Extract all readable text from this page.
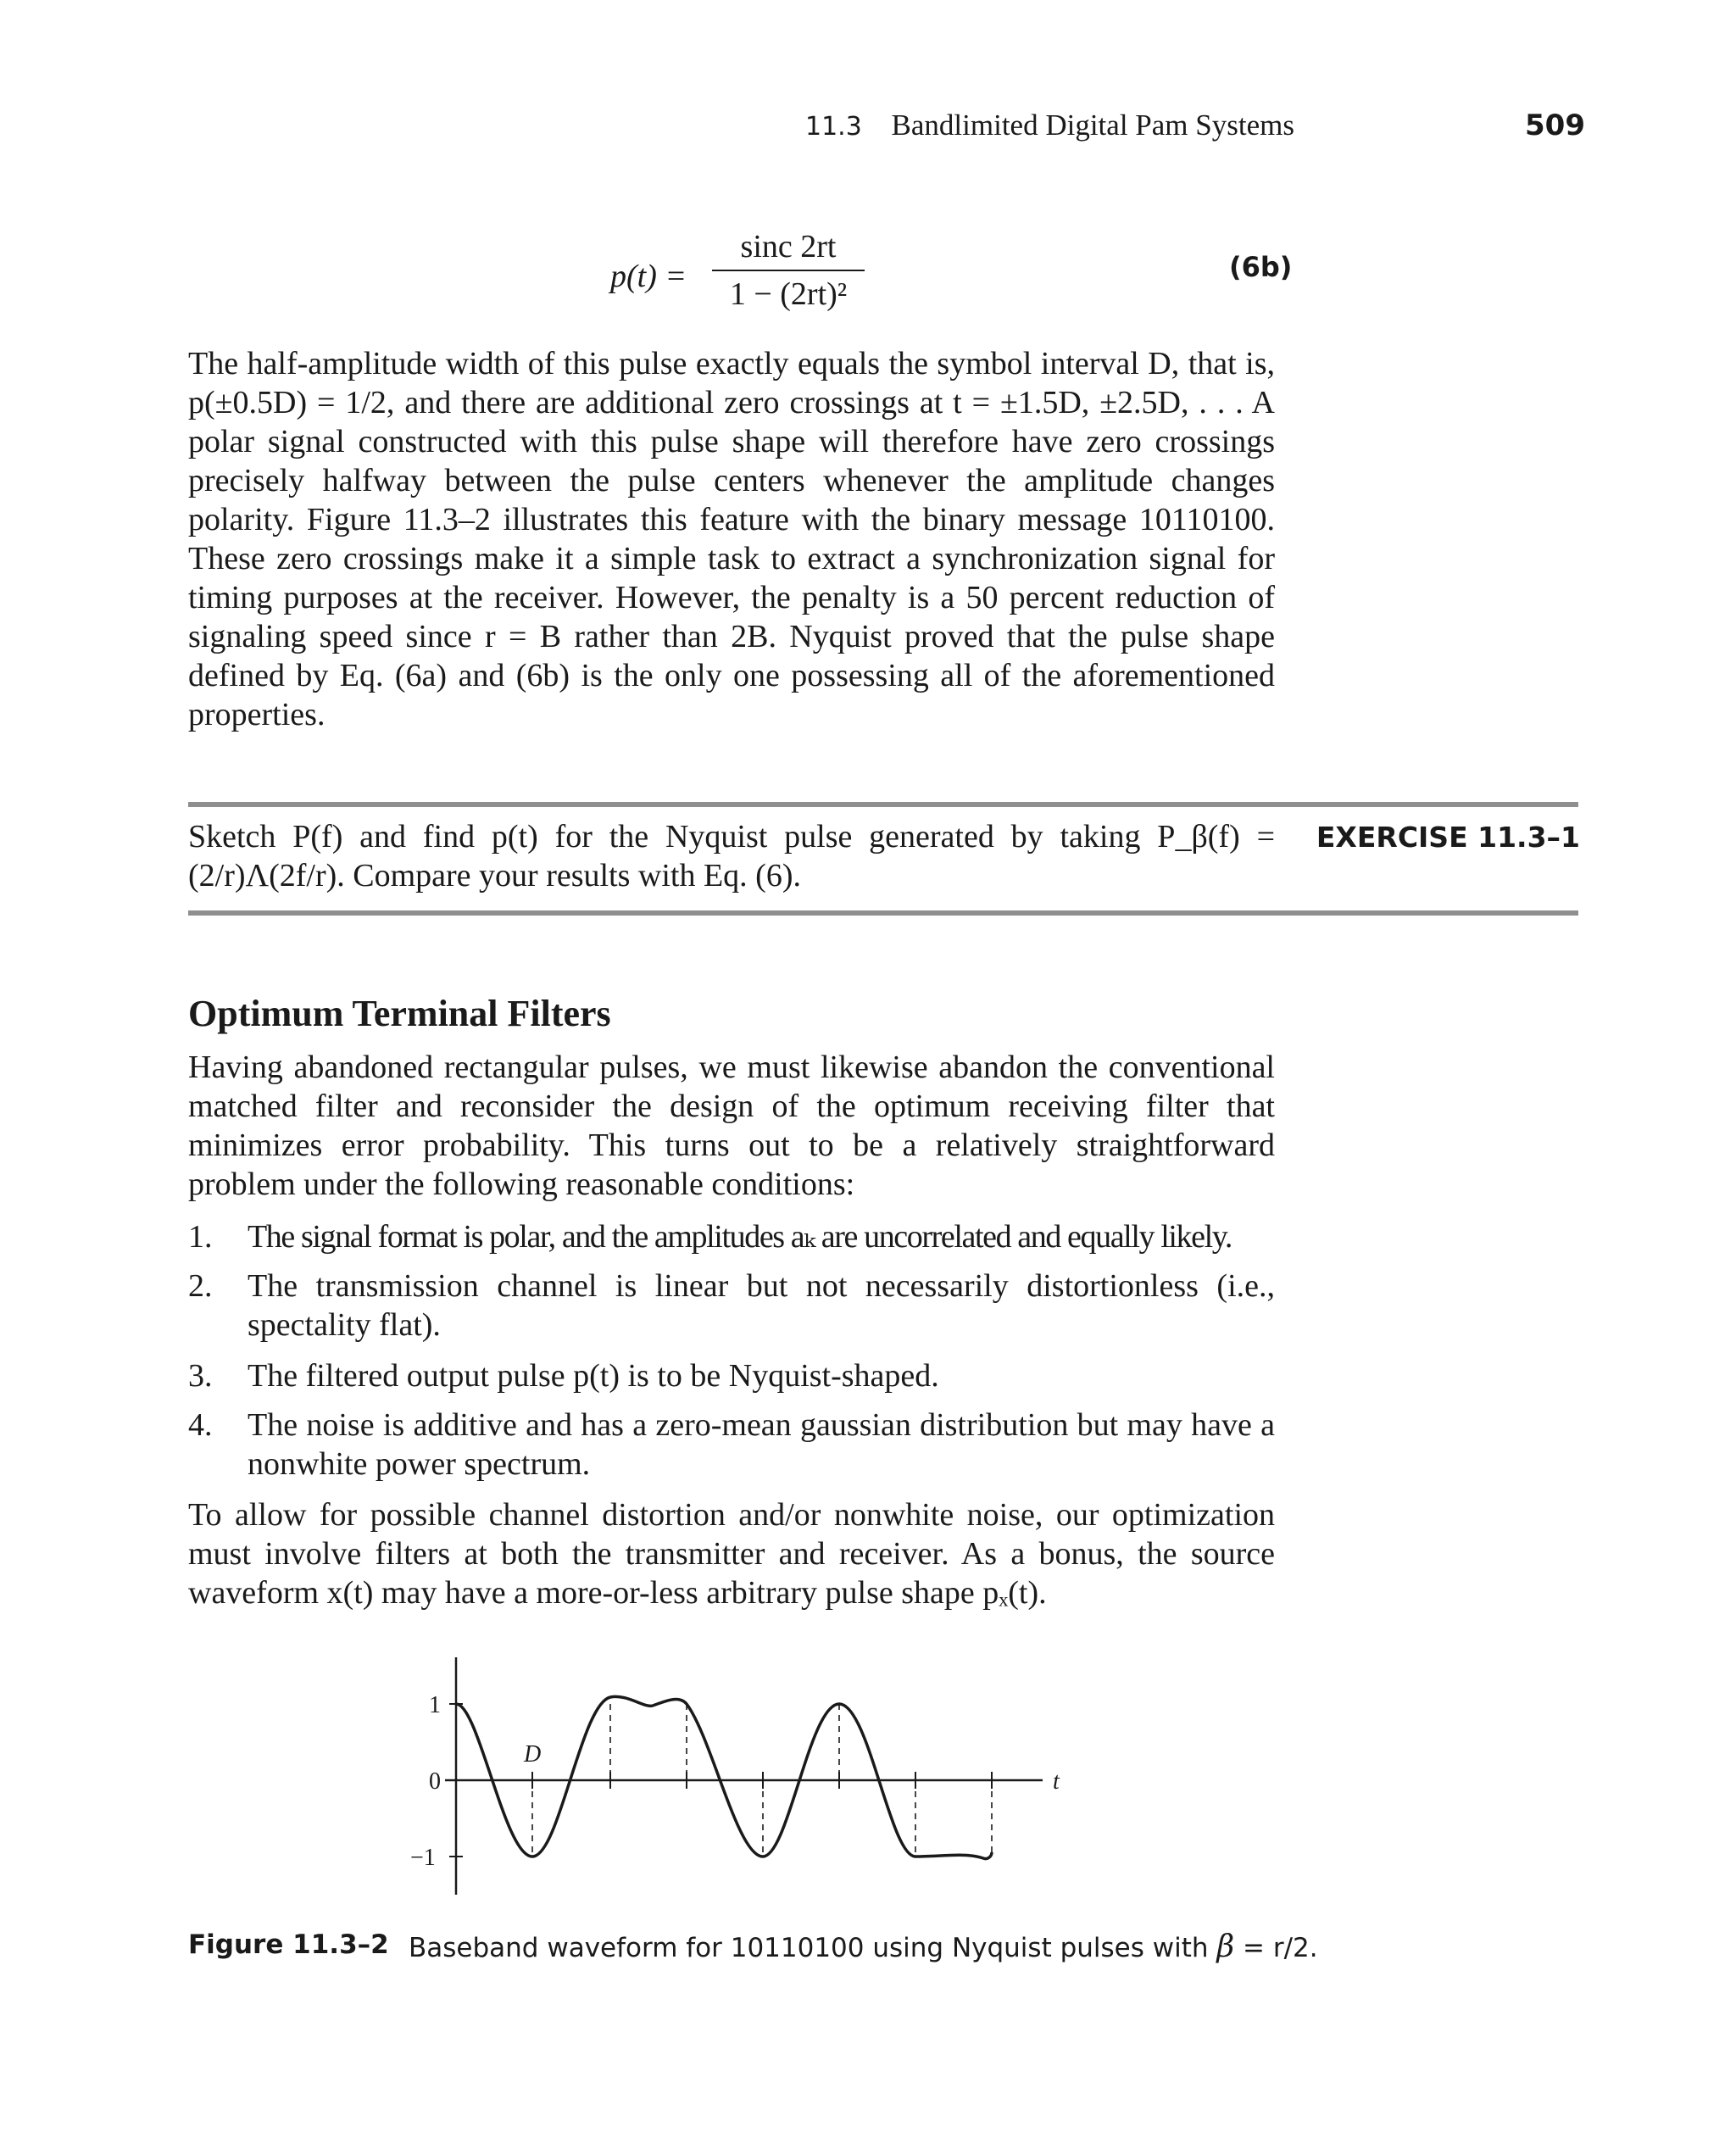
11.3 Bandlimited Digital Pam Systems	509
p(t) =
sinc 2rt
1 − (2rt)²
(6b)
The half-amplitude width of this pulse exactly equals the symbol interval D, that is, p(±0.5D) = 1/2, and there are additional zero crossings at t = ±1.5D, ±2.5D, . . . A polar signal constructed with this pulse shape will therefore have zero crossings precisely halfway between the pulse centers whenever the amplitude changes polarity. Figure 11.3–2 illustrates this feature with the binary message 10110100. These zero crossings make it a simple task to extract a synchronization signal for timing purposes at the receiver. However, the penalty is a 50 percent reduction of signaling speed since r = B rather than 2B. Nyquist proved that the pulse shape defined by Eq. (6a) and (6b) is the only one possessing all of the aforementioned properties.
Sketch P(f) and find p(t) for the Nyquist pulse generated by taking P_β(f) = (2/r)Λ(2f/r). Compare your results with Eq. (6).
EXERCISE 11.3–1
Optimum Terminal Filters
Having abandoned rectangular pulses, we must likewise abandon the conventional matched filter and reconsider the design of the optimum receiving filter that minimizes error probability. This turns out to be a relatively straightforward problem under the following reasonable conditions:
1. The signal format is polar, and the amplitudes aₖ are uncorrelated and equally likely.
2. The transmission channel is linear but not necessarily distortionless (i.e., spectality flat).
3. The filtered output pulse p(t) is to be Nyquist-shaped.
4. The noise is additive and has a zero-mean gaussian distribution but may have a nonwhite power spectrum.
To allow for possible channel distortion and/or nonwhite noise, our optimization must involve filters at both the transmitter and receiver. As a bonus, the source waveform x(t) may have a more-or-less arbitrary pulse shape pₓ(t).
1
0
−1
D
t
Figure 11.3–2 Baseband waveform for 10110100 using Nyquist pulses with β = r/2.
